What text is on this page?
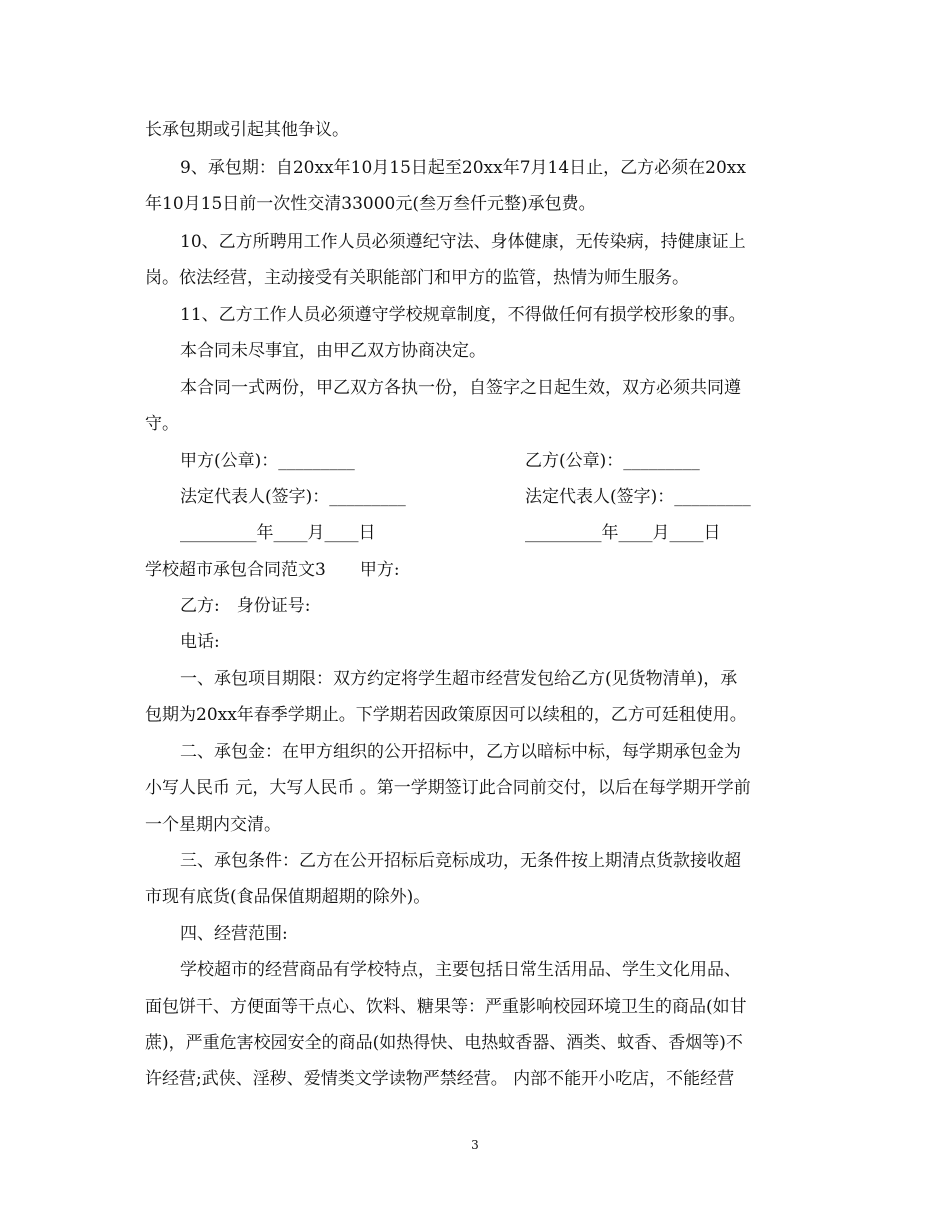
长承包期或引起其他争议。
9、承包期：自20xx年10月15日起至20xx年7月14日止，乙方必须在20xx
年10月15日前一次性交清33000元(叁万叁仟元整)承包费。
10、乙方所聘用工作人员必须遵纪守法、身体健康，无传染病，持健康证上
岗。依法经营，主动接受有关职能部门和甲方的监管，热情为师生服务。
11、乙方工作人员必须遵守学校规章制度，不得做任何有损学校形象的事。
本合同未尽事宜，由甲乙双方协商决定。
本合同一式两份，甲乙双方各执一份，自签字之日起生效，双方必须共同遵
守。
甲方(公章)：_________	乙方(公章)：_________
法定代表人(签字)：_________	法定代表人(签字)：_________
_________年____月____日	_________年____月____日
学校超市承包合同范文3　　甲方:
乙方:　身份证号:
电话:
一、承包项目期限：双方约定将学生超市经营发包给乙方(见货物清单)，承
包期为20xx年春季学期止。下学期若因政策原因可以续租的，乙方可廷租使用。
二、承包金：在甲方组织的公开招标中，乙方以暗标中标，每学期承包金为
小写人民币 元，大写人民币 。第一学期签订此合同前交付，以后在每学期开学前
一个星期内交清。
三、承包条件：乙方在公开招标后竞标成功，无条件按上期清点货款接收超
市现有底货(食品保值期超期的除外)。
四、经营范围:
学校超市的经营商品有学校特点，主要包括日常生活用品、学生文化用品、
面包饼干、方便面等干点心、饮料、糖果等：严重影响校园环境卫生的商品(如甘
蔗)，严重危害校园安全的商品(如热得快、电热蚊香器、酒类、蚊香、香烟等)不
许经营;武侠、淫秽、爱情类文学读物严禁经营。 内部不能开小吃店，不能经营
3
